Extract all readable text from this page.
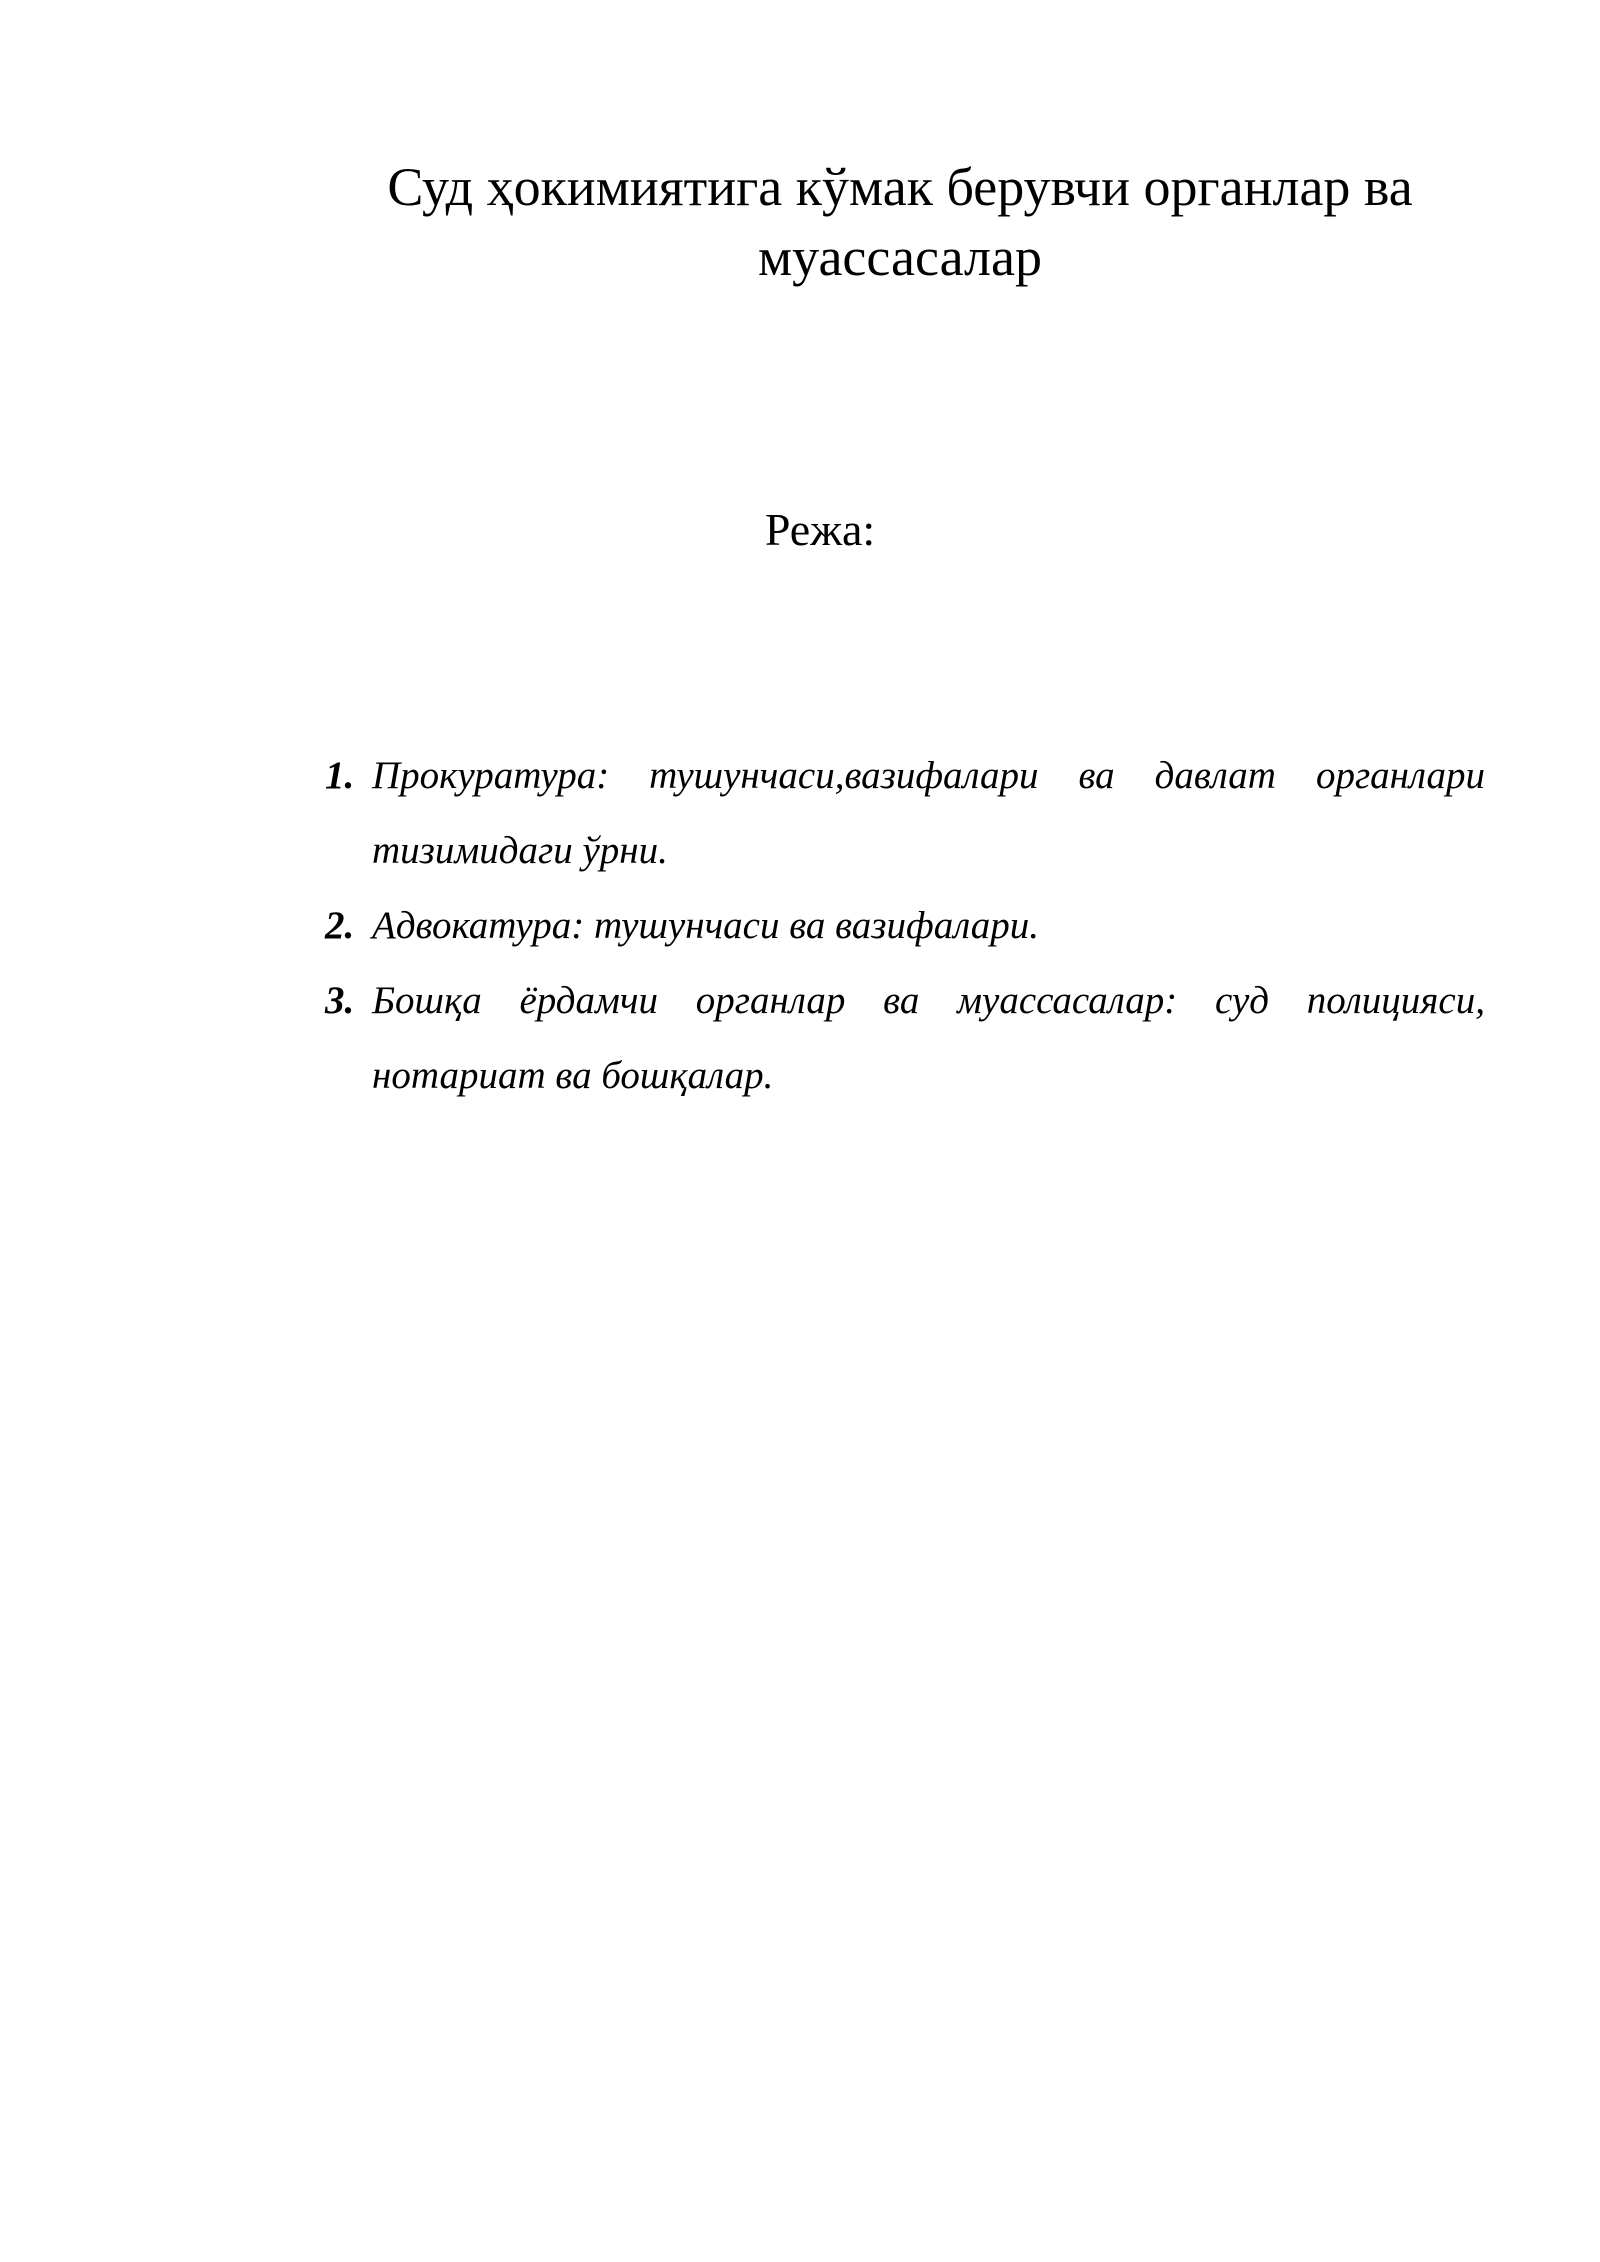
Суд ҳокимиятига кўмак берувчи органлар ва муассасалар
Режа:
1. Прокуратура: тушунчаси,вазифалари ва давлат органлари тизимидаги ўрни.
2. Адвокатура: тушунчаси ва вазифалари.
3. Бошқа ёрдамчи органлар ва муассасалар: суд полицияси, нотариат ва бошқалар.
